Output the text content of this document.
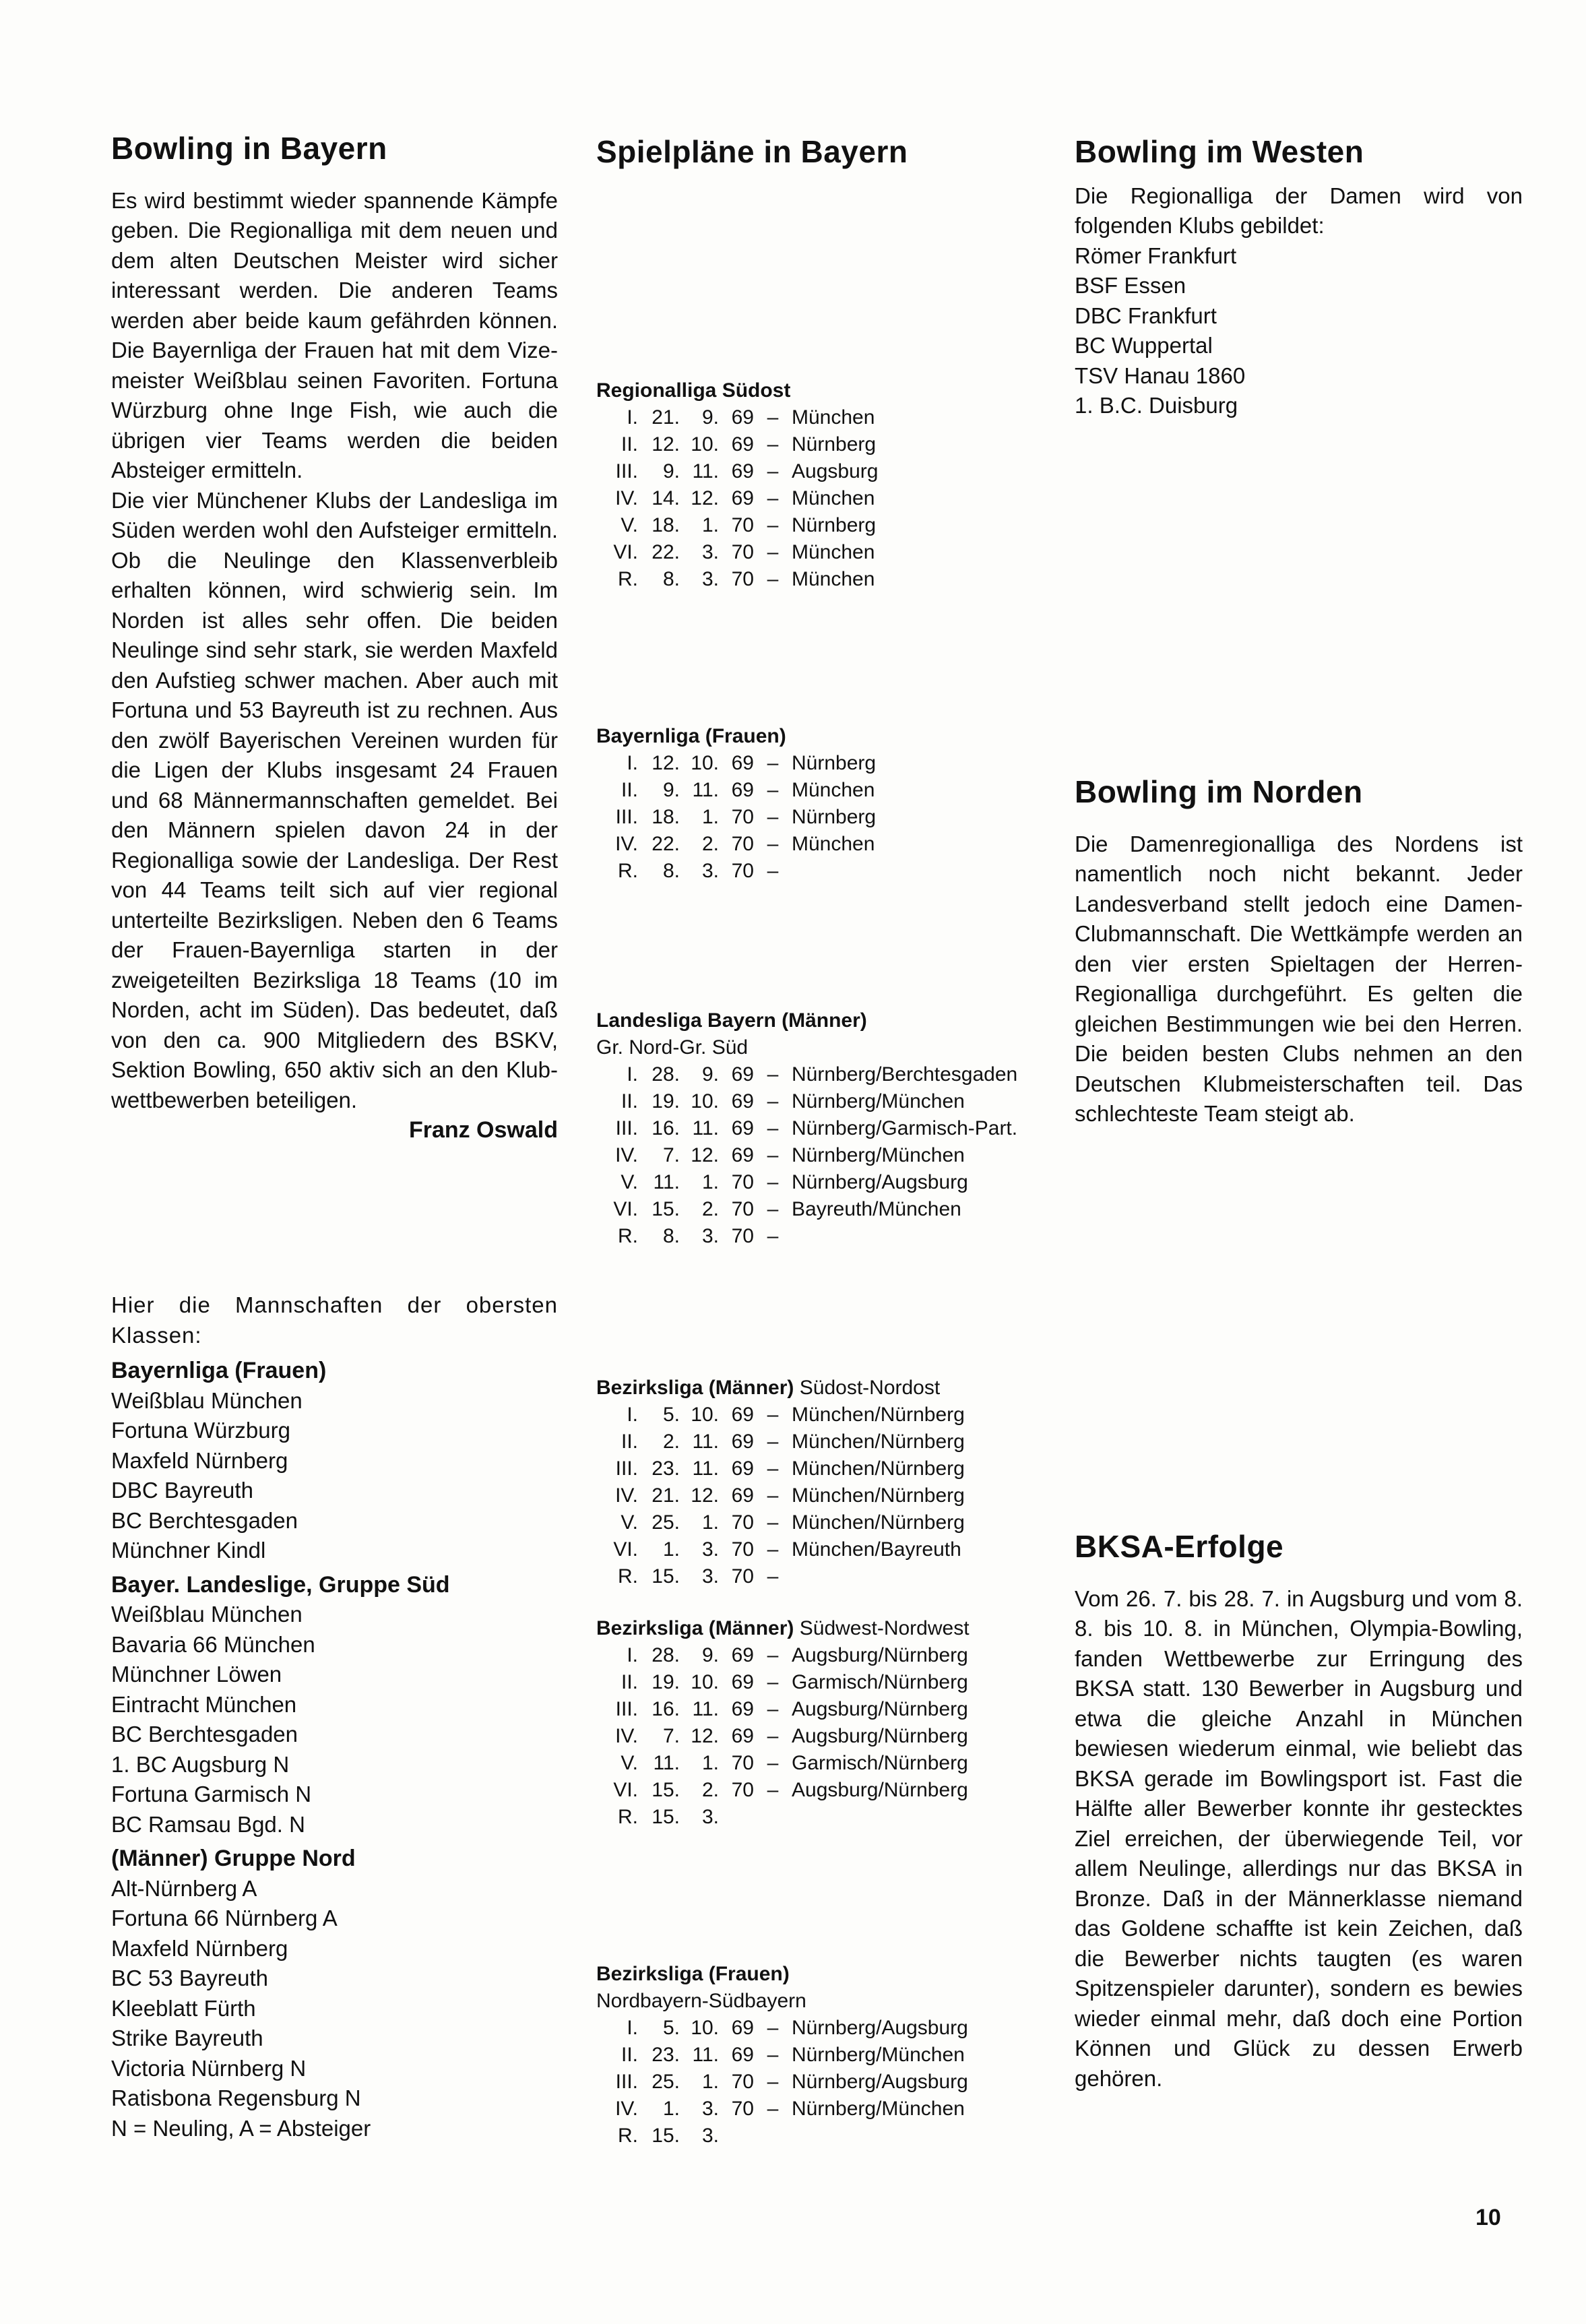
Bowling in Bayern

Es wird bestimmt wieder spannende Kämpfe geben. Die Regionalliga mit dem neuen und dem alten Deutschen Meister wird sicher interessant werden. Die anderen Teams werden aber beide kaum gefährden können. Die Bayernliga der Frauen hat mit dem Vizemeister Weißblau seinen Favoriten. Fortuna Würzburg ohne Inge Fish, wie auch die übrigen vier Teams werden die beiden Absteiger ermitteln.

Die vier Münchener Klubs der Landesliga im Süden werden wohl den Aufsteiger ermitteln. Ob die Neulinge den Klassenverbleib erhalten können, wird schwierig sein. Im Norden ist alles sehr offen. Die beiden Neulinge sind sehr stark, sie werden Maxfeld den Aufstieg schwer machen. Aber auch mit Fortuna und 53 Bayreuth ist zu rechnen. Aus den zwölf Bayerischen Vereinen wurden für die Ligen der Klubs insgesamt 24 Frauen und 68 Männermannschaften gemeldet. Bei den Männern spielen davon 24 in der Regionalliga sowie der Landesliga. Der Rest von 44 Teams teilt sich auf vier regional unterteilte Bezirksligen. Neben den 6 Teams der Frauen-Bayernliga starten in der zweigeteilten Bezirksliga 18 Teams (10 im Norden, acht im Süden). Das bedeutet, daß von den ca. 900 Mitgliedern des BSKV, Sektion Bowling, 650 aktiv sich an den Klubwettbewerben beteiligen.

Franz Oswald

Hier die Mannschaften der obersten Klassen:

Bayernliga (Frauen)
Weißblau München
Fortuna Würzburg
Maxfeld Nürnberg
DBC Bayreuth
BC Berchtesgaden
Münchner Kindl
Bayer. Landeslige, Gruppe Süd
Weißblau München
Bavaria 66 München
Münchner Löwen
Eintracht München
BC Berchtesgaden
1. BC Augsburg N
Fortuna Garmisch N
BC Ramsau Bgd. N
(Männer) Gruppe Nord
Alt-Nürnberg A
Fortuna 66 Nürnberg A
Maxfeld Nürnberg
BC 53 Bayreuth
Kleeblatt Fürth
Strike Bayreuth
Victoria Nürnberg N
Ratisbona Regensburg N
N = Neuling, A = Absteiger
Spielpläne in Bayern
Regionalliga Südost
I.	21.	9.	69	–	München
II.	12.	10.	69	–	Nürnberg
III.	9.	11.	69	–	Augsburg
IV.	14.	12.	69	–	München
V.	18.	1.	70	–	Nürnberg
VI.	22.	3.	70	–	München
R.	8.	3.	70	–	München
Bayernliga (Frauen)
I.	12.	10.	69	–	Nürnberg
II.	9.	11.	69	–	München
III.	18.	1.	70	–	Nürnberg
IV.	22.	2.	70	–	München
R.	8.	3.	70	–	
Landesliga Bayern (Männer)
Gr. Nord-Gr. Süd
I.	28.	9.	69	–	Nürnberg/Berchtesgaden
II.	19.	10.	69	–	Nürnberg/München
III.	16.	11.	69	–	Nürnberg/Garmisch-Part.
IV.	7.	12.	69	–	Nürnberg/München
V.	11.	1.	70	–	Nürnberg/Augsburg
VI.	15.	2.	70	–	Bayreuth/München
R.	8.	3.	70	–	
Bezirksliga (Männer) Südost-Nordost
I.	5.	10.	69	–	München/Nürnberg
II.	2.	11.	69	–	München/Nürnberg
III.	23.	11.	69	–	München/Nürnberg
IV.	21.	12.	69	–	München/Nürnberg
V.	25.	1.	70	–	München/Nürnberg
VI.	1.	3.	70	–	München/Bayreuth
R.	15.	3.	70	–	
Bezirksliga (Männer) Südwest-Nordwest
I.	28.	9.	69	–	Augsburg/Nürnberg
II.	19.	10.	69	–	Garmisch/Nürnberg
III.	16.	11.	69	–	Augsburg/Nürnberg
IV.	7.	12.	69	–	Augsburg/Nürnberg
V.	11.	1.	70	–	Garmisch/Nürnberg
VI.	15.	2.	70	–	Augsburg/Nürnberg
R.	15.	3.			
Bezirksliga (Frauen)
Nordbayern-Südbayern
I.	5.	10.	69	–	Nürnberg/Augsburg
II.	23.	11.	69	–	Nürnberg/München
III.	25.	1.	70	–	Nürnberg/Augsburg
IV.	1.	3.	70	–	Nürnberg/München
R.	15.	3.			
Bowling im Westen

Die Regionalliga der Damen wird von folgenden Klubs gebildet:

Römer Frankfurt
BSF Essen
DBC Frankfurt
BC Wuppertal
TSV Hanau 1860
1. B.C. Duisburg
Bowling im Norden

Die Damenregionalliga des Nordens ist namentlich noch nicht bekannt. Jeder Landesverband stellt jedoch eine Damen-Clubmannschaft. Die Wettkämpfe werden an den vier ersten Spieltagen der Herren-Regionalliga durchgeführt. Es gelten die gleichen Bestimmungen wie bei den Herren. Die beiden besten Clubs nehmen an den Deutschen Klubmeisterschaften teil. Das schlechteste Team steigt ab.

BKSA-Erfolge

Vom 26. 7. bis 28. 7. in Augsburg und vom 8. 8. bis 10. 8. in München, Olympia-Bowling, fanden Wettbewerbe zur Erringung des BKSA statt. 130 Bewerber in Augsburg und etwa die gleiche Anzahl in München bewiesen wiederum einmal, wie beliebt das BKSA gerade im Bowlingsport ist. Fast die Hälfte aller Bewerber konnte ihr gestecktes Ziel erreichen, der überwiegende Teil, vor allem Neulinge, allerdings nur das BKSA in Bronze. Daß in der Männerklasse niemand das Goldene schaffte ist kein Zeichen, daß die Bewerber nichts taugten (es waren Spitzenspieler darunter), sondern es bewies wieder einmal mehr, daß doch eine Portion Können und Glück zu dessen Erwerb gehören.

10
